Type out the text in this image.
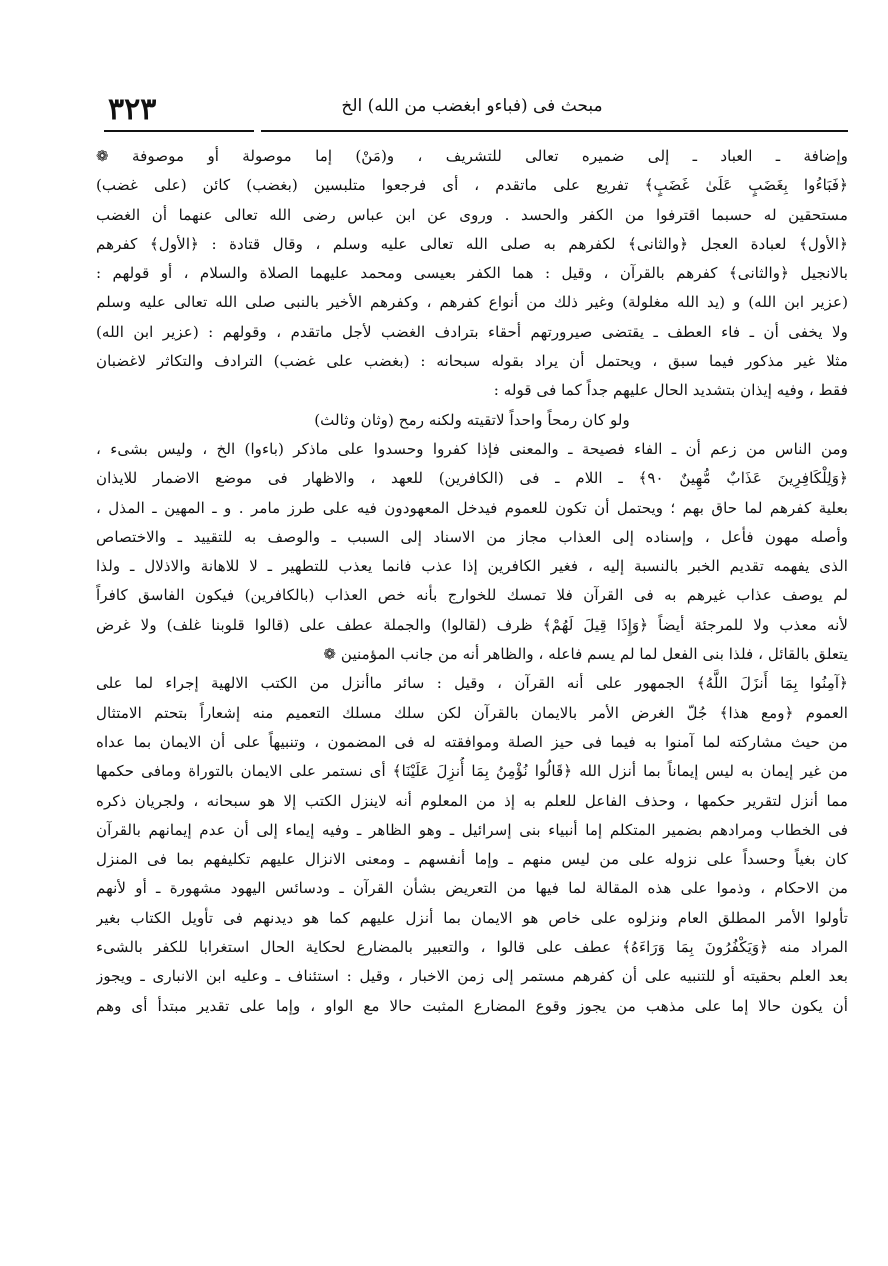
٣٢٣	مبحث فى (فباءو ابغضب من الله) الخ
وإضافة ـ العباد ـ إلى ضميره تعالى للتشريف ، و(مَنْ) إما موصولة أو موصوفة ❁
﴿فَبَاءُوا بِغَضَبٍ عَلَىٰ غَضَبٍ﴾ تفريع على ماتقدم ، أى فرجعوا متلبسين (بغضب) كائن (على غضب)
مستحقين له حسبما اقترفوا من الكفر والحسد . وروى عن ابن عباس رضى الله تعالى عنهما أن الغضب
﴿الأول﴾ لعبادة العجل ﴿والثانى﴾ لكفرهم به صلى الله تعالى عليه وسلم ، وقال قتادة : ﴿الأول﴾ كفرهم
بالانجيل ﴿والثانى﴾ كفرهم بالقرآن ، وقيل : هما الكفر بعيسى ومحمد عليهما الصلاة والسلام ، أو قولهم :
(عزير ابن الله) و (يد الله مغلولة) وغير ذلك من أنواع كفرهم ، وكفرهم الأخير بالنبى صلى الله تعالى عليه وسلم
ولا يخفى أن ـ فاء العطف ـ يقتضى صيرورتهم أحقاء بترادف الغضب لأجل ماتقدم ، وقولهم : (عزير ابن الله)
مثلا غير مذكور فيما سبق ، ويحتمل أن يراد بقوله سبحانه : (بغضب على غضب) الترادف والتكاثر لاغضبان
فقط ، وفيه إيذان بتشديد الحال عليهم جداً كما فى قوله :
ولو كان رمحاً واحداً لاتقيته ولكنه رمح (وثان وثالث)
ومن الناس من زعم أن ـ الفاء فصيحة ـ والمعنى فإذا كفروا وحسدوا على ماذكر (باءوا) الخ ، وليس بشىء ،
﴿وَلِلْكَافِرِينَ عَذَابٌ مُّهِينٌ ٩٠﴾ ـ اللام ـ فى (الكافرين) للعهد ، والاظهار فى موضع الاضمار للايذان
بعلية كفرهم لما حاق بهم ؛ ويحتمل أن تكون للعموم فيدخل المعهودون فيه على طرز مامر . و ـ المهين ـ المذل ،
وأصله مهون فأعل ، وإسناده إلى العذاب مجاز من الاسناد إلى السبب ـ والوصف به للتقييد ـ والاختصاص
الذى يفهمه تقديم الخبر بالنسبة إليه ، فغير الكافرين إذا عذب فانما يعذب للتطهير ـ لا للاهانة والاذلال ـ ولذا
لم يوصف عذاب غيرهم به فى القرآن فلا تمسك للخوارج بأنه خص العذاب (بالكافرين) فيكون الفاسق كافراً
لأنه معذب ولا للمرجئة أيضاً ﴿وَإِذَا قِيلَ لَهُمْ﴾ ظرف (لقالوا) والجملة عطف على (قالوا قلوبنا غلف) ولا غرض
يتعلق بالقائل ، فلذا بنى الفعل لما لم يسم فاعله ، والظاهر أنه من جانب المؤمنين ❁
﴿آمِنُوا بِمَا أَنزَلَ اللَّهُ﴾ الجمهور على أنه القرآن ، وقيل : سائر ماأنزل من الكتب الالهية إجراء لما على
العموم ﴿ومع هذا﴾ جُلّ الغرض الأمر بالايمان بالقرآن لكن سلك مسلك التعميم منه إشعاراً بتحتم الامتثال
من حيث مشاركته لما آمنوا به فيما فى حيز الصلة وموافقته له فى المضمون ، وتنبيهاً على أن الايمان بما عداه
من غير إيمان به ليس إيماناً بما أنزل الله ﴿قَالُوا نُؤْمِنُ بِمَا أُنزِلَ عَلَيْنَا﴾ أى نستمر على الايمان بالتوراة ومافى حكمها
مما أنزل لتقرير حكمها ، وحذف الفاعل للعلم به إذ من المعلوم أنه لاينزل الكتب إلا هو سبحانه ، ولجريان ذكره
فى الخطاب ومرادهم بضمير المتكلم إما أنبياء بنى إسرائيل ـ وهو الظاهر ـ وفيه إيماء إلى أن عدم إيمانهم بالقرآن
كان بغياً وحسداً على نزوله على من ليس منهم ـ وإما أنفسهم ـ ومعنى الانزال عليهم تكليفهم بما فى المنزل
من الاحكام ، وذموا على هذه المقالة لما فيها من التعريض بشأن القرآن ـ ودسائس اليهود مشهورة ـ أو لأنهم
تأولوا الأمر المطلق العام ونزلوه على خاص هو الايمان بما أنزل عليهم كما هو ديدنهم فى تأويل الكتاب بغير
المراد منه ﴿وَيَكْفُرُونَ بِمَا وَرَاءَهُ﴾ عطف على قالوا ، والتعبير بالمضارع لحكاية الحال استغرابا للكفر بالشىء
بعد العلم بحقيته أو للتنبيه على أن كفرهم مستمر إلى زمن الاخبار ، وقيل : استئناف ـ وعليه ابن الانبارى ـ ويجوز
أن يكون حالا إما على مذهب من يجوز وقوع المضارع المثبت حالا مع الواو ، وإما على تقدير مبتدأ أى وهم
